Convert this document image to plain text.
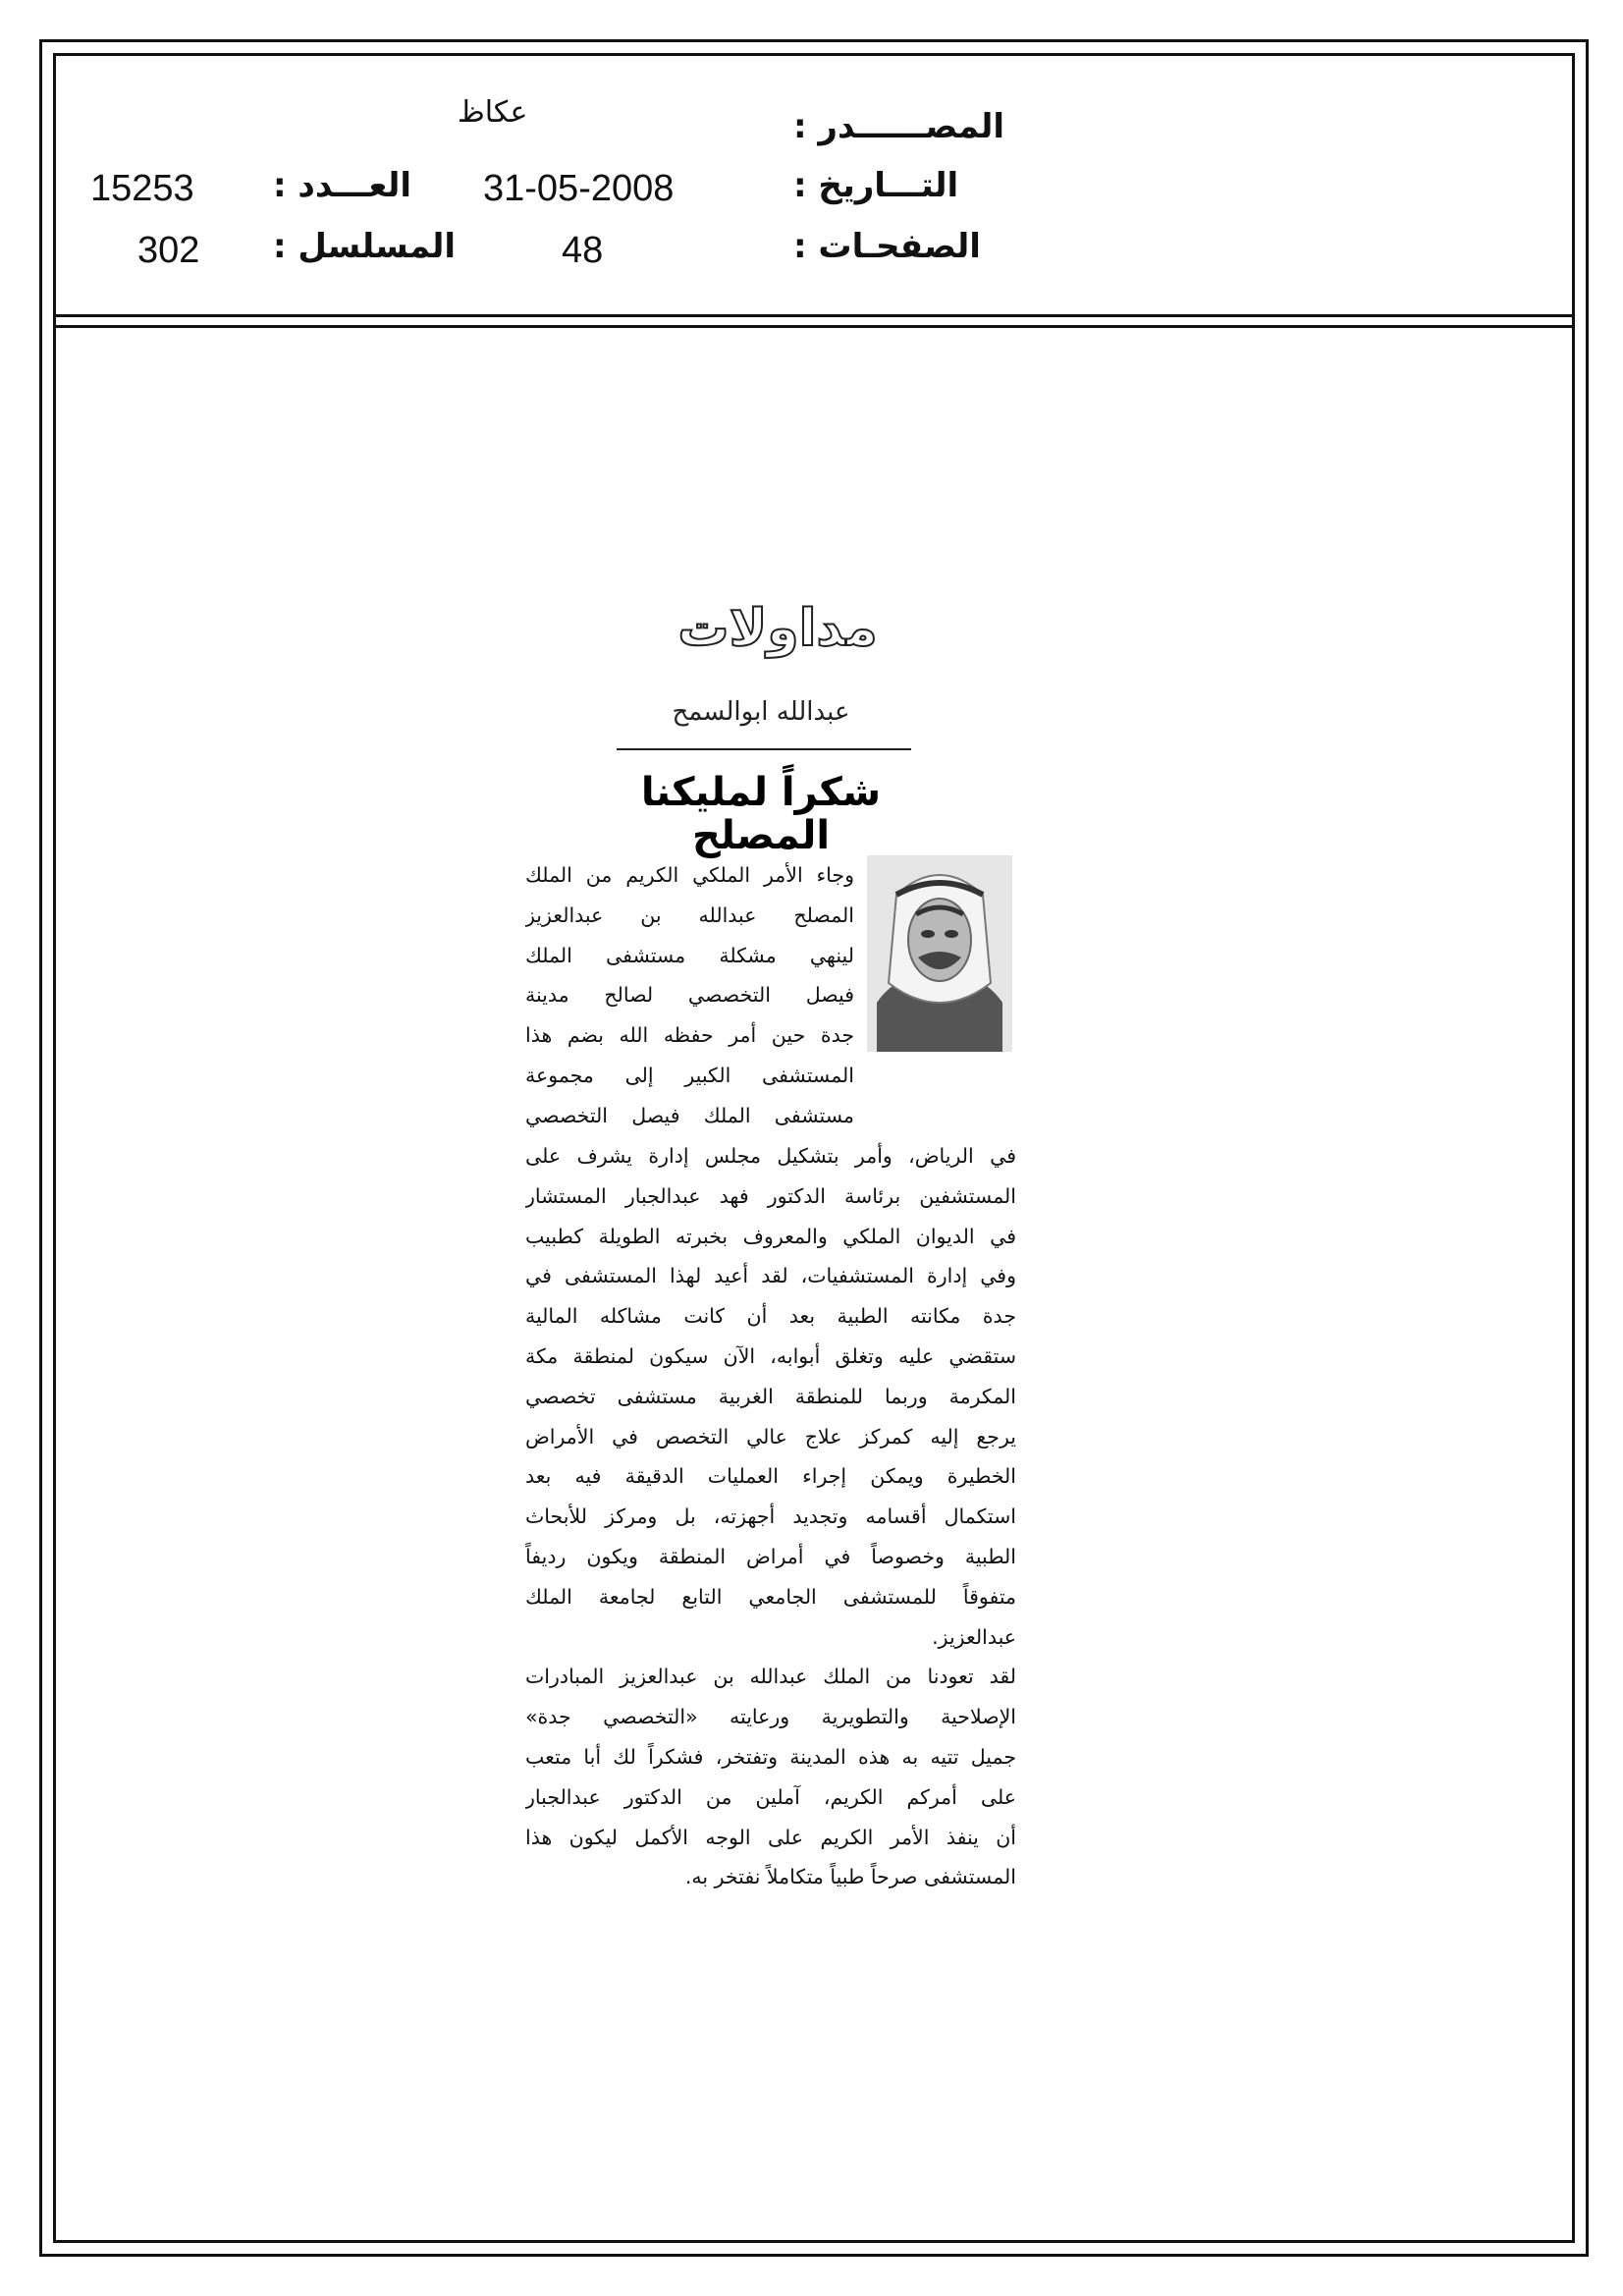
المصــــــدر :
عكاظ
التـــاريخ :
31-05-2008
الصفحـات :
48
العـــدد :
15253
المسلسل :
302
مداولات
عبدالله ابوالسمح
شكراً لمليكنا المصلح
وجاء الأمر الملكي الكريم من الملك
المصلح عبدالله بن عبدالعزيز
لينهي مشكلة مستشفى الملك
فيصل التخصصي لصالح مدينة
جدة حين أمر حفظه الله بضم هذا
المستشفى الكبير إلى مجموعة
مستشفى الملك فيصل التخصصي
في الرياض، وأمر بتشكيل مجلس إدارة يشرف على
المستشفين برئاسة الدكتور فهد عبدالجبار المستشار
في الديوان الملكي والمعروف بخبرته الطويلة كطبيب
وفي إدارة المستشفيات، لقد أعيد لهذا المستشفى في
جدة مكانته الطبية بعد أن كانت مشاكله المالية
ستقضي عليه وتغلق أبوابه، الآن سيكون لمنطقة مكة
المكرمة وربما للمنطقة الغربية مستشفى تخصصي
يرجع إليه كمركز علاج عالي التخصص في الأمراض
الخطيرة ويمكن إجراء العمليات الدقيقة فيه بعد
استكمال أقسامه وتجديد أجهزته، بل ومركز للأبحاث
الطبية وخصوصاً في أمراض المنطقة ويكون رديفاً
متفوقاً للمستشفى الجامعي التابع لجامعة الملك
عبدالعزيز.
لقد تعودنا من الملك عبدالله بن عبدالعزيز المبادرات
الإصلاحية والتطويرية ورعايته «التخصصي جدة»
جميل تتيه به هذه المدينة وتفتخر، فشكراً لك أبا متعب
على أمركم الكريم، آملين من الدكتور عبدالجبار
أن ينفذ الأمر الكريم على الوجه الأكمل ليكون هذا
المستشفى صرحاً طبياً متكاملاً نفتخر به.
